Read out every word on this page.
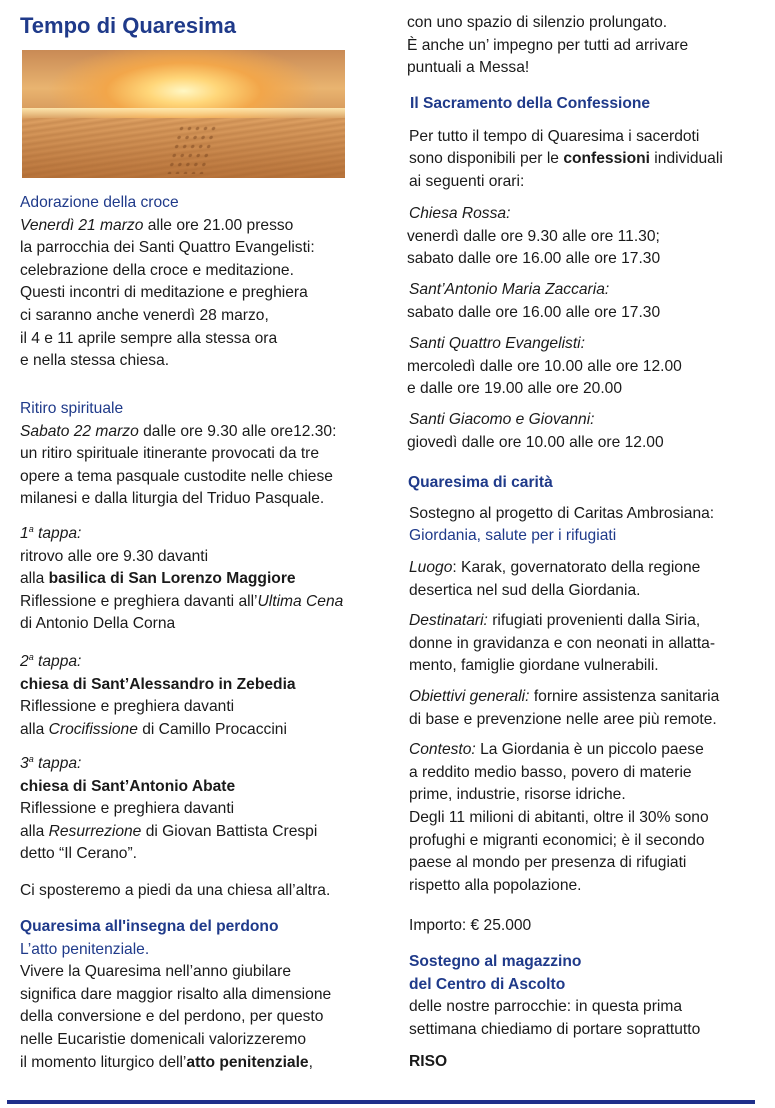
Tempo di Quaresima

Adorazione della croce

Venerdì 21 marzo alle ore 21.00 presso

la parrocchia dei Santi Quattro Evangelisti:

celebrazione della croce e meditazione.

Questi incontri di meditazione e preghiera

ci saranno anche venerdì 28 marzo,

il 4 e 11 aprile sempre alla stessa ora

e nella stessa chiesa.

Ritiro spirituale

Sabato 22 marzo dalle ore 9.30 alle ore12.30:

un ritiro spirituale itinerante provocati da tre

opere a tema pasquale custodite nelle chiese

milanesi e dalla liturgia del Triduo Pasquale.

1$^a$ tappa:

ritrovo alle ore 9.30 davanti

alla basilica di San Lorenzo Maggiore

Riflessione e preghiera davanti all’Ultima Cena

di Antonio Della Corna

2$^a$ tappa:

chiesa di Sant’Alessandro in Zebedia

Riflessione e preghiera davanti

alla Crocifissione di Camillo Procaccini

3$^a$ tappa:

chiesa di Sant’Antonio Abate

Riflessione e preghiera davanti

alla Resurrezione di Giovan Battista Crespi

detto “Il Cerano”.

Ci sposteremo a piedi da una chiesa all’altra.

Quaresima all'insegna del perdono

L’atto penitenziale.

Vivere la Quaresima nell’anno giubilare

significa dare maggior risalto alla dimensione

della conversione e del perdono, per questo

nelle Eucaristie domenicali valorizzeremo

il momento liturgico dell’atto penitenziale,

con uno spazio di silenzio prolungato.

È anche un’ impegno per tutti ad arrivare

puntuali a Messa!

Il Sacramento della Confessione

Per tutto il tempo di Quaresima i sacerdoti

sono disponibili per le confessioni individuali

ai seguenti orari:

Chiesa Rossa:

venerdì dalle ore 9.30 alle ore 11.30;

sabato dalle ore 16.00 alle ore 17.30

Sant’Antonio Maria Zaccaria:

sabato dalle ore 16.00 alle ore 17.30

Santi Quattro Evangelisti:

mercoledì dalle ore 10.00 alle ore 12.00

e dalle ore 19.00 alle ore 20.00

Santi Giacomo e Giovanni:

giovedì dalle ore 10.00 alle ore 12.00

Quaresima di carità

Sostegno al progetto di Caritas Ambrosiana:

Giordania, salute per i rifugiati

Luogo: Karak, governatorato della regione

desertica nel sud della Giordania.

Destinatari: rifugiati provenienti dalla Siria,

donne in gravidanza e con neonati in allatta-

mento, famiglie giordane vulnerabili.

Obiettivi generali: fornire assistenza sanitaria

di base e prevenzione nelle aree più remote.

Contesto: La Giordania è un piccolo paese

a reddito medio basso, povero di materie

prime, industrie, risorse idriche.

Degli 11 milioni di abitanti, oltre il 30% sono

profughi e migranti economici; è il secondo

paese al mondo per presenza di rifugiati

rispetto alla popolazione.

Importo: € 25.000

Sostegno al magazzino

del Centro di Ascolto

delle nostre parrocchie: in questa prima

settimana chiediamo di portare soprattutto

RISO
